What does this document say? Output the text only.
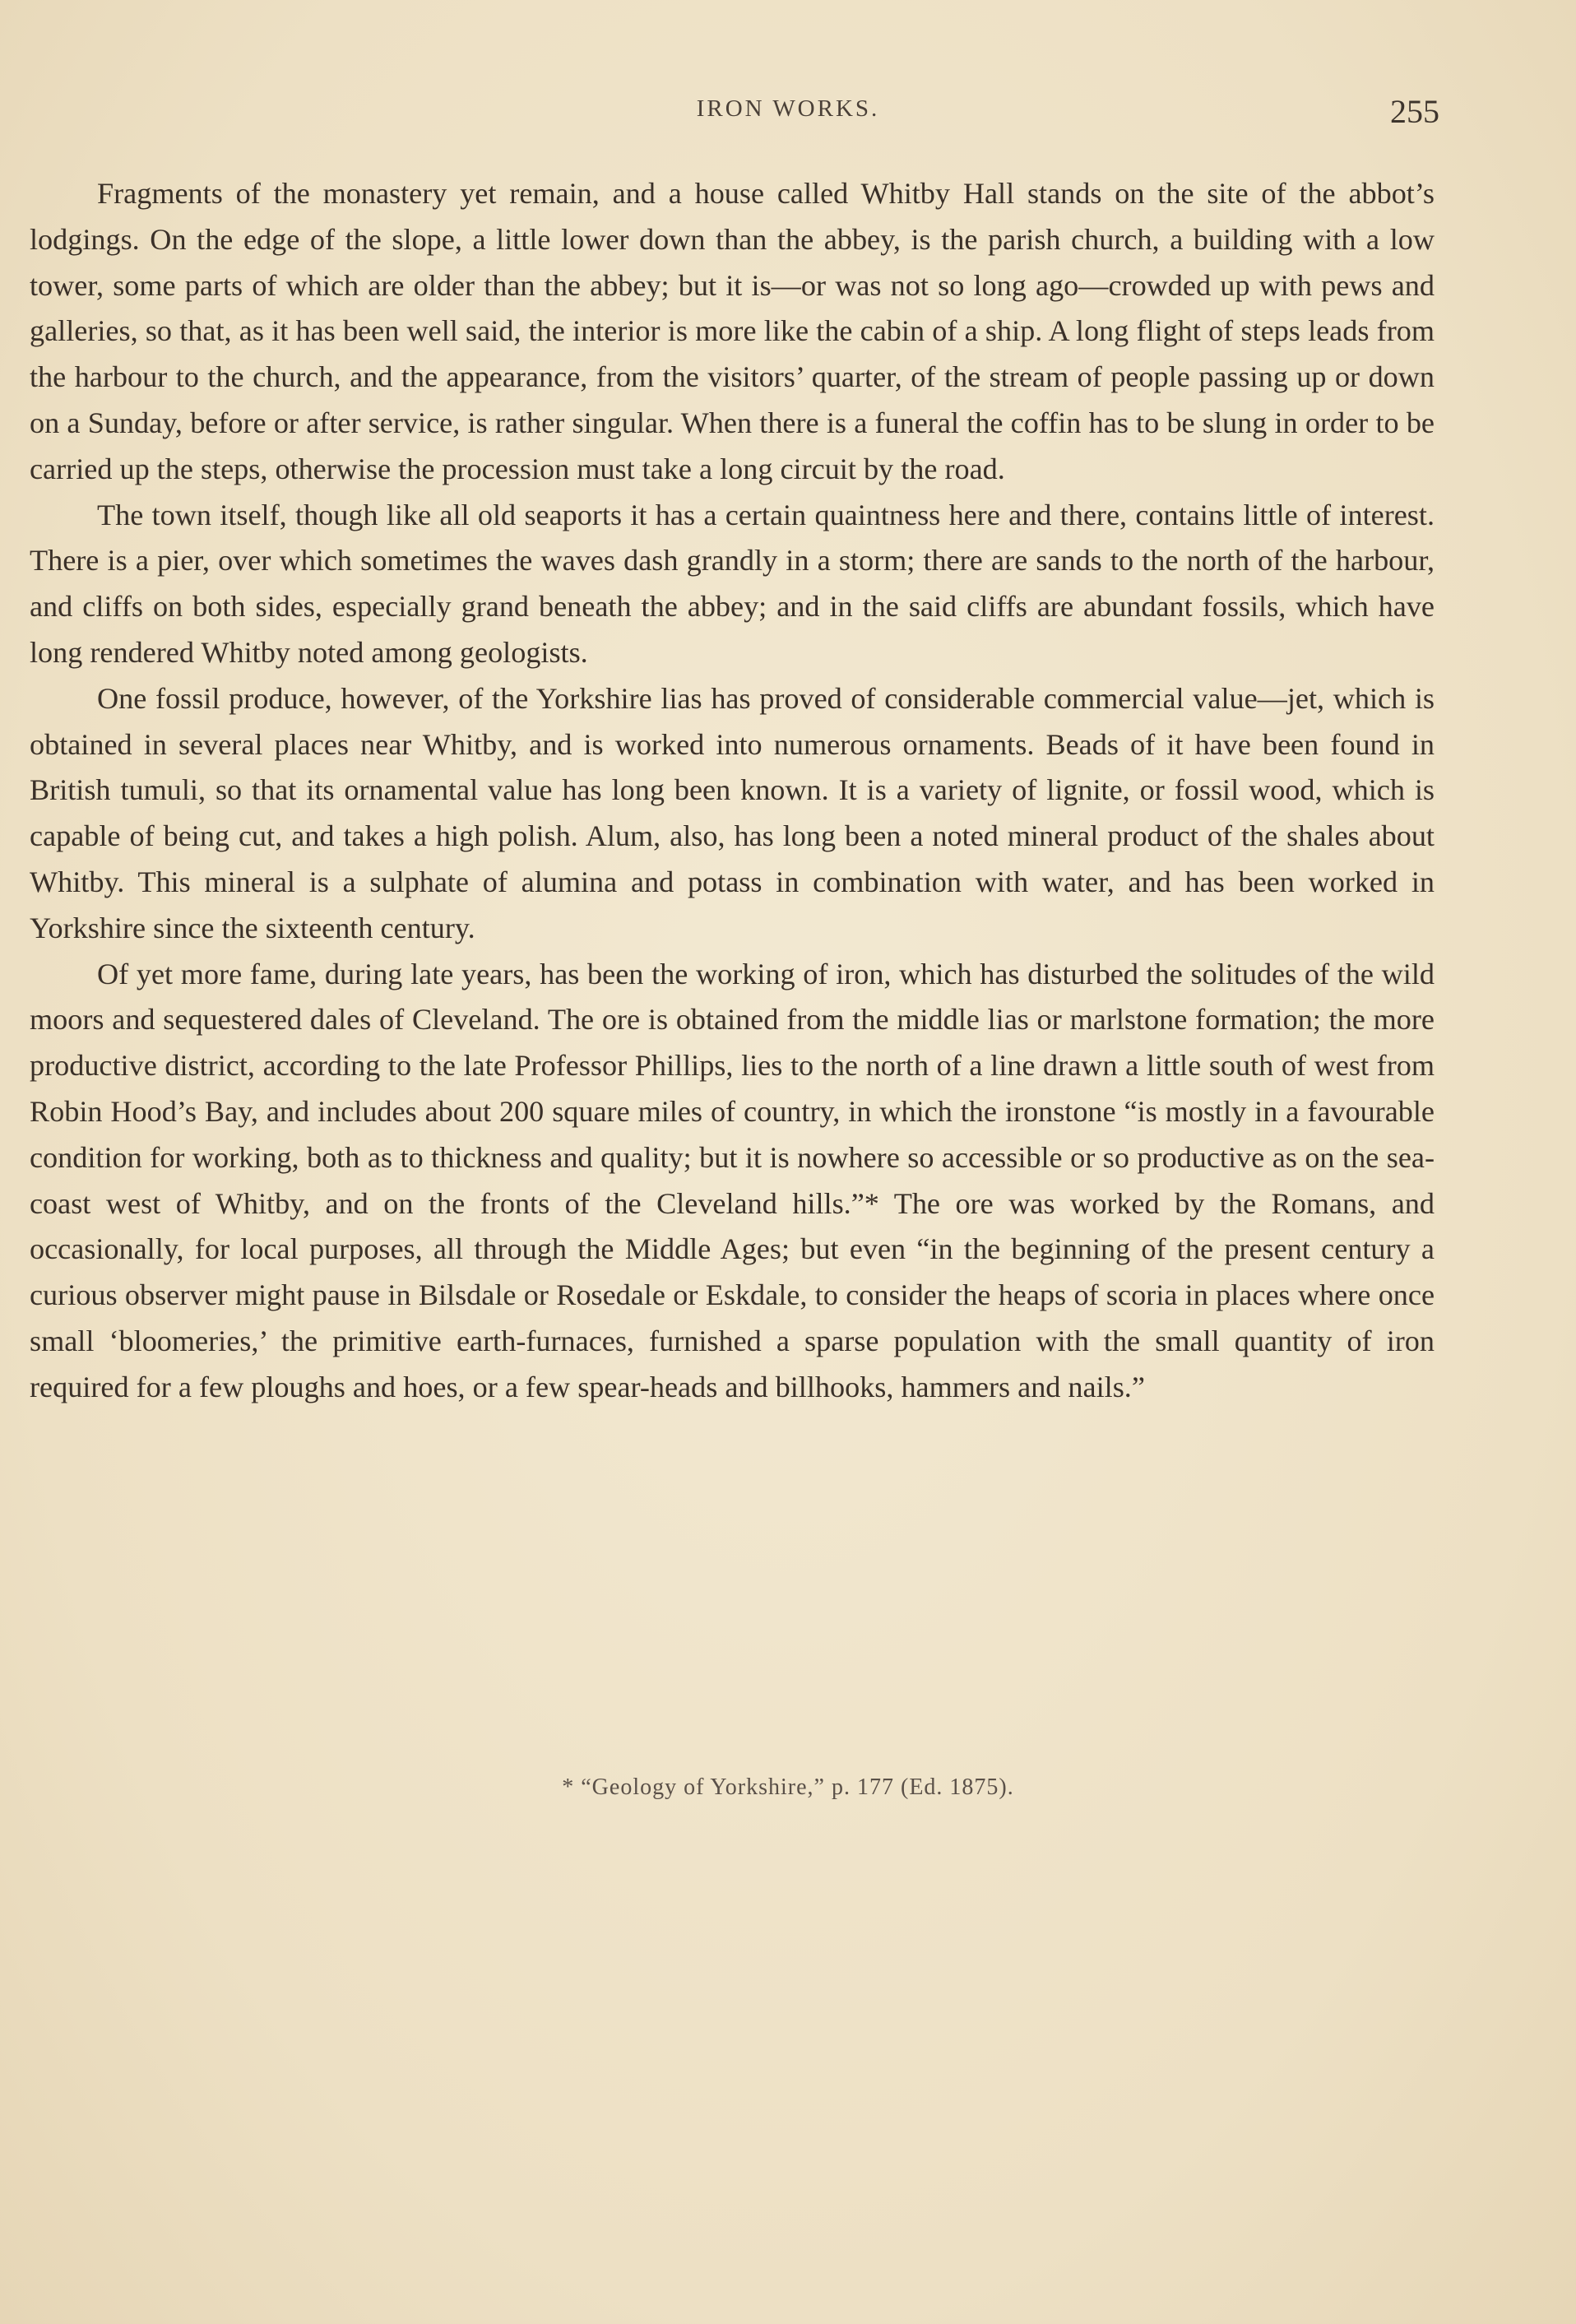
IRON WORKS.	255

Fragments of the monastery yet remain, and a house called Whitby Hall stands on the site of the abbot’s lodgings. On the edge of the slope, a little lower down than the abbey, is the parish church, a building with a low tower, some parts of which are older than the abbey; but it is—or was not so long ago—crowded up with pews and galleries, so that, as it has been well said, the interior is more like the cabin of a ship. A long flight of steps leads from the harbour to the church, and the appearance, from the visitors’ quarter, of the stream of people passing up or down on a Sunday, before or after service, is rather singular. When there is a funeral the coffin has to be slung in order to be carried up the steps, otherwise the procession must take a long circuit by the road.

The town itself, though like all old seaports it has a certain quaintness here and there, contains little of interest. There is a pier, over which sometimes the waves dash grandly in a storm; there are sands to the north of the harbour, and cliffs on both sides, especially grand beneath the abbey; and in the said cliffs are abundant fossils, which have long rendered Whitby noted among geologists.

One fossil produce, however, of the Yorkshire lias has proved of considerable commercial value—jet, which is obtained in several places near Whitby, and is worked into numerous ornaments. Beads of it have been found in British tumuli, so that its ornamental value has long been known. It is a variety of lignite, or fossil wood, which is capable of being cut, and takes a high polish. Alum, also, has long been a noted mineral product of the shales about Whitby. This mineral is a sulphate of alumina and potass in combination with water, and has been worked in Yorkshire since the sixteenth century.

Of yet more fame, during late years, has been the working of iron, which has disturbed the solitudes of the wild moors and sequestered dales of Cleveland. The ore is obtained from the middle lias or marlstone formation; the more productive district, according to the late Professor Phillips, lies to the north of a line drawn a little south of west from Robin Hood’s Bay, and includes about 200 square miles of country, in which the ironstone “is mostly in a favourable condition for working, both as to thickness and quality; but it is nowhere so accessible or so productive as on the sea-coast west of Whitby, and on the fronts of the Cleveland hills.”* The ore was worked by the Romans, and occasionally, for local purposes, all through the Middle Ages; but even “in the beginning of the present century a curious observer might pause in Bilsdale or Rosedale or Eskdale, to consider the heaps of scoria in places where once small ‘bloomeries,’ the primitive earth-furnaces, furnished a sparse population with the small quantity of iron required for a few ploughs and hoes, or a few spear-heads and billhooks, hammers and nails.”

* “Geology of Yorkshire,” p. 177 (Ed. 1875).
